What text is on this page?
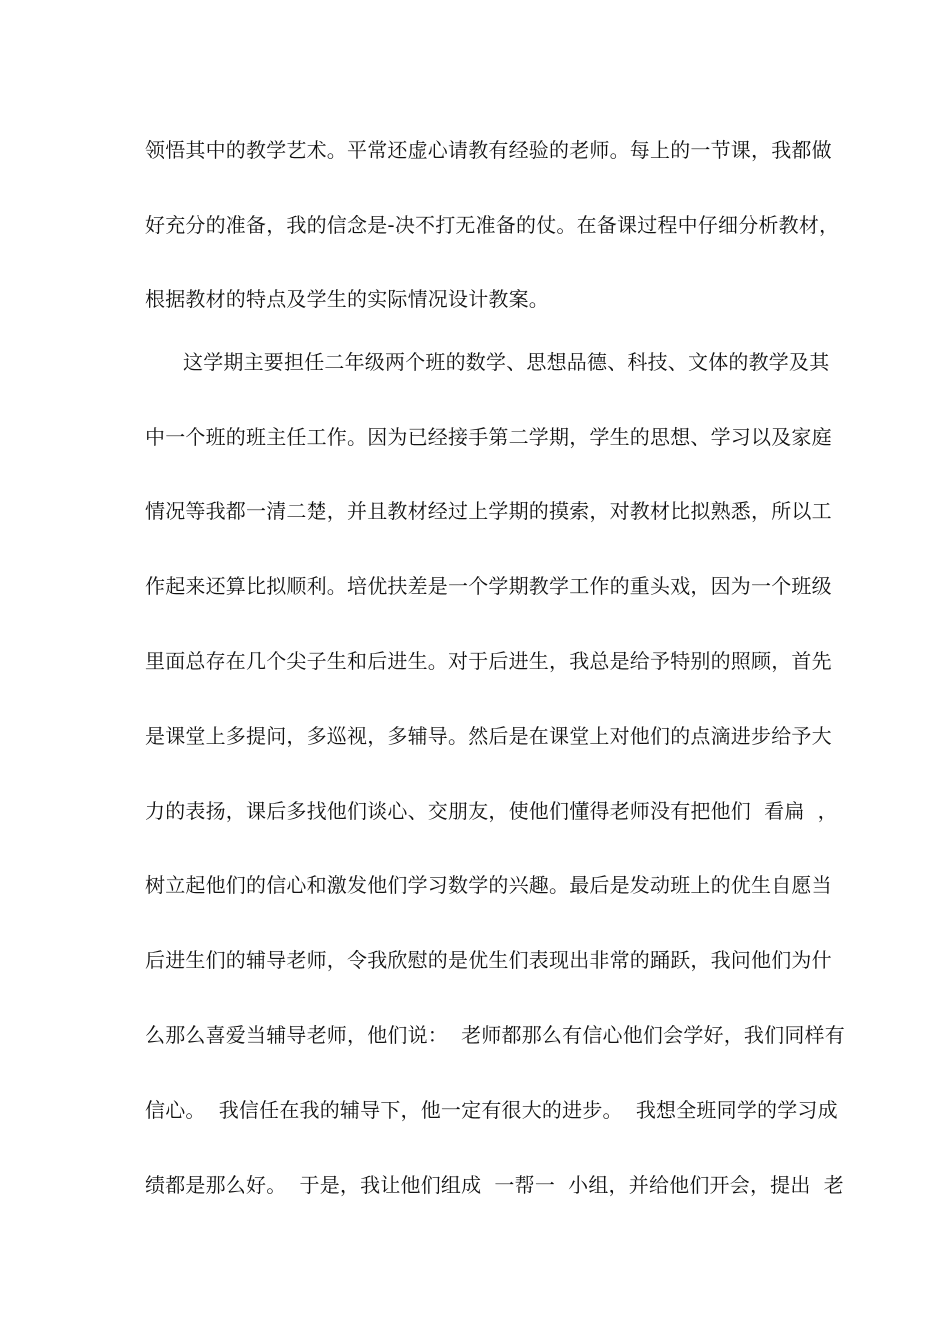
领悟其中的教学艺术。平常还虚心请教有经验的老师。每上的一节课，我都做
好充分的准备，我的信念是-决不打无准备的仗。在备课过程中仔细分析教材，
根据教材的特点及学生的实际情况设计教案。
这学期主要担任二年级两个班的数学、思想品德、科技、文体的教学及其
中一个班的班主任工作。因为已经接手第二学期，学生的思想、学习以及家庭
情况等我都一清二楚，并且教材经过上学期的摸索，对教材比拟熟悉，所以工
作起来还算比拟顺利。培优扶差是一个学期教学工作的重头戏，因为一个班级
里面总存在几个尖子生和后进生。对于后进生，我总是给予特别的照顾，首先
是课堂上多提问，多巡视，多辅导。然后是在课堂上对他们的点滴进步给予大
力的表扬，课后多找他们谈心、交朋友，使他们懂得老师没有把他们  看扁  ，
树立起他们的信心和激发他们学习数学的兴趣。最后是发动班上的优生自愿当
后进生们的辅导老师，令我欣慰的是优生们表现出非常的踊跃，我问他们为什
么那么喜爱当辅导老师，他们说：  老师都那么有信心他们会学好，我们同样有
信心。  我信任在我的辅导下，他一定有很大的进步。  我想全班同学的学习成
绩都是那么好。  于是，我让他们组成  一帮一  小组，并给他们开会，提出  老
